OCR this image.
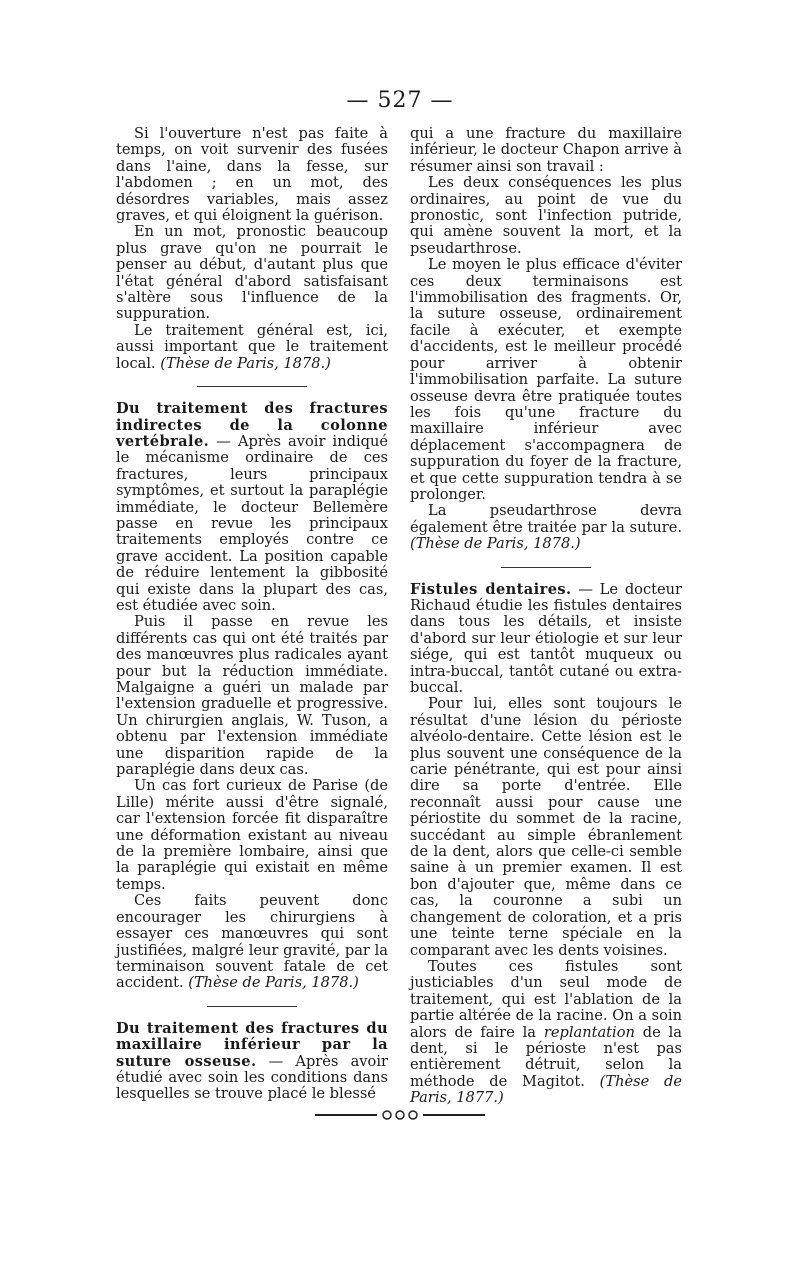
— 527 —

Si l'ouverture n'est pas faite à temps, on voit survenir des fusées dans l'aine, dans la fesse, sur l'abdomen ; en un mot, des désordres variables, mais assez graves, et qui éloignent la guérison.

En un mot, pronostic beaucoup plus grave qu'on ne pourrait le penser au début, d'autant plus que l'état général d'abord satisfaisant s'altère sous l'influence de la suppuration.

Le traitement général est, ici, aussi important que le traitement local. (Thèse de Paris, 1878.)

Du traitement des fractures indirectes de la colonne vertébrale. — Après avoir indiqué le mécanisme ordinaire de ces fractures, leurs principaux symptômes, et surtout la paraplégie immédiate, le docteur Bellemère passe en revue les principaux traitements employés contre ce grave accident. La position capable de réduire lentement la gibbosité qui existe dans la plupart des cas, est étudiée avec soin.

Puis il passe en revue les différents cas qui ont été traités par des manœuvres plus radicales ayant pour but la réduction immédiate. Malgaigne a guéri un malade par l'extension graduelle et progressive. Un chirurgien anglais, W. Tuson, a obtenu par l'extension immédiate une disparition rapide de la paraplégie dans deux cas.

Un cas fort curieux de Parise (de Lille) mérite aussi d'être signalé, car l'extension forcée fit disparaître une déformation existant au niveau de la première lombaire, ainsi que la paraplégie qui existait en même temps.

Ces faits peuvent donc encourager les chirurgiens à essayer ces manœuvres qui sont justifiées, malgré leur gravité, par la terminaison souvent fatale de cet accident. (Thèse de Paris, 1878.)

Du traitement des fractures du maxillaire inférieur par la suture osseuse. — Après avoir étudié avec soin les conditions dans lesquelles se trouve placé le blessé

qui a une fracture du maxillaire inférieur, le docteur Chapon arrive à résumer ainsi son travail :

Les deux conséquences les plus ordinaires, au point de vue du pronostic, sont l'infection putride, qui amène souvent la mort, et la pseudarthrose.

Le moyen le plus efficace d'éviter ces deux terminaisons est l'immobilisation des fragments. Or, la suture osseuse, ordinairement facile à exécuter, et exempte d'accidents, est le meilleur procédé pour arriver à obtenir l'immobilisation parfaite. La suture osseuse devra être pratiquée toutes les fois qu'une fracture du maxillaire inférieur avec déplacement s'accompagnera de suppuration du foyer de la fracture, et que cette suppuration tendra à se prolonger.

La pseudarthrose devra également être traitée par la suture. (Thèse de Paris, 1878.)

Fistules dentaires. — Le docteur Richaud étudie les fistules dentaires dans tous les détails, et insiste d'abord sur leur étiologie et sur leur siége, qui est tantôt muqueux ou intra-buccal, tantôt cutané ou extra-buccal.

Pour lui, elles sont toujours le résultat d'une lésion du périoste alvéolo-dentaire. Cette lésion est le plus souvent une conséquence de la carie pénétrante, qui est pour ainsi dire sa porte d'entrée. Elle reconnaît aussi pour cause une périostite du sommet de la racine, succédant au simple ébranlement de la dent, alors que celle-ci semble saine à un premier examen. Il est bon d'ajouter que, même dans ce cas, la couronne a subi un changement de coloration, et a pris une teinte terne spéciale en la comparant avec les dents voisines.

Toutes ces fistules sont justiciables d'un seul mode de traitement, qui est l'ablation de la partie altérée de la racine. On a soin alors de faire la replantation de la dent, si le périoste n'est pas entièrement détruit, selon la méthode de Magitot. (Thèse de Paris, 1877.)
